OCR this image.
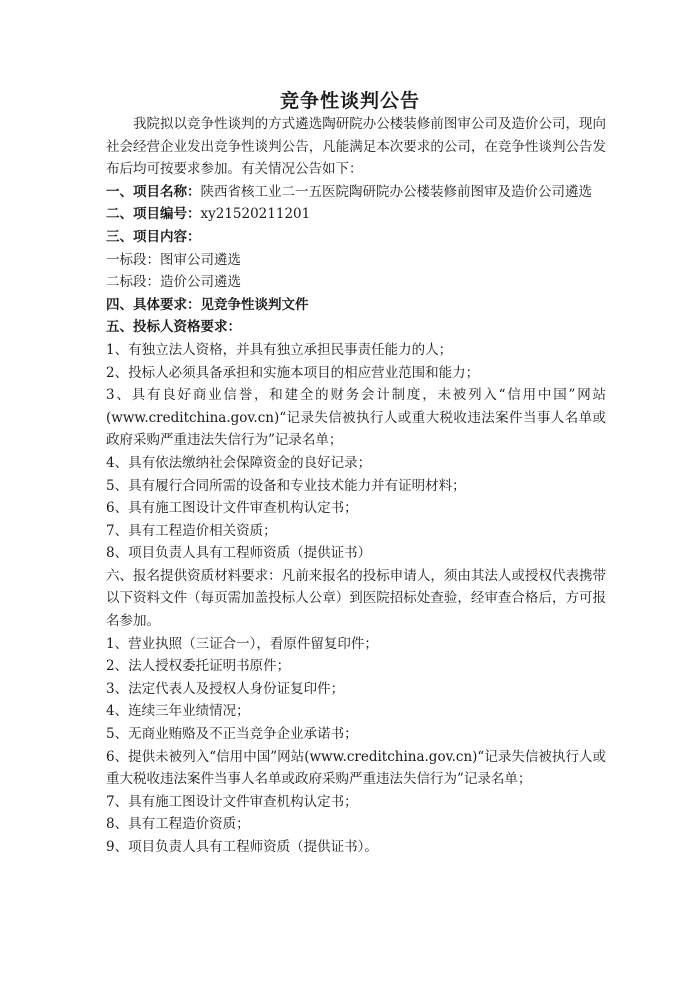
竞争性谈判公告

我院拟以竞争性谈判的方式遴选陶研院办公楼装修前图审公司及造价公司，现向社会经营企业发出竞争性谈判公告，凡能满足本次要求的公司，在竞争性谈判公告发布后均可按要求参加。有关情况公告如下：

一、项目名称：陕西省核工业二一五医院陶研院办公楼装修前图审及造价公司遴选

二、项目编号：xy21520211201

三、项目内容：

一标段：图审公司遴选

二标段：造价公司遴选

四、具体要求：见竞争性谈判文件

五、投标人资格要求：

1、有独立法人资格，并具有独立承担民事责任能力的人；

2、投标人必须具备承担和实施本项目的相应营业范围和能力；

3、具有良好商业信誉，和建全的财务会计制度，未被列入“信用中国”网站(www.creditchina.gov.cn)“记录失信被执行人或重大税收违法案件当事人名单或政府采购严重违法失信行为”记录名单；

4、具有依法缴纳社会保障资金的良好记录；

5、具有履行合同所需的设备和专业技术能力并有证明材料；

6、具有施工图设计文件审查机构认定书；

7、具有工程造价相关资质；

8、项目负责人具有工程师资质（提供证书）

六、报名提供资质材料要求：凡前来报名的投标申请人，须由其法人或授权代表携带以下资料文件（每页需加盖投标人公章）到医院招标处查验，经审查合格后，方可报名参加。

1、营业执照（三证合一），看原件留复印件；

2、法人授权委托证明书原件；

3、法定代表人及授权人身份证复印件；

4、连续三年业绩情况；

5、无商业贿赂及不正当竞争企业承诺书；

6、提供未被列入“信用中国”网站(www.creditchina.gov.cn)“记录失信被执行人或重大税收违法案件当事人名单或政府采购严重违法失信行为”记录名单；

7、具有施工图设计文件审查机构认定书；

8、具有工程造价资质；

9、项目负责人具有工程师资质（提供证书）。
